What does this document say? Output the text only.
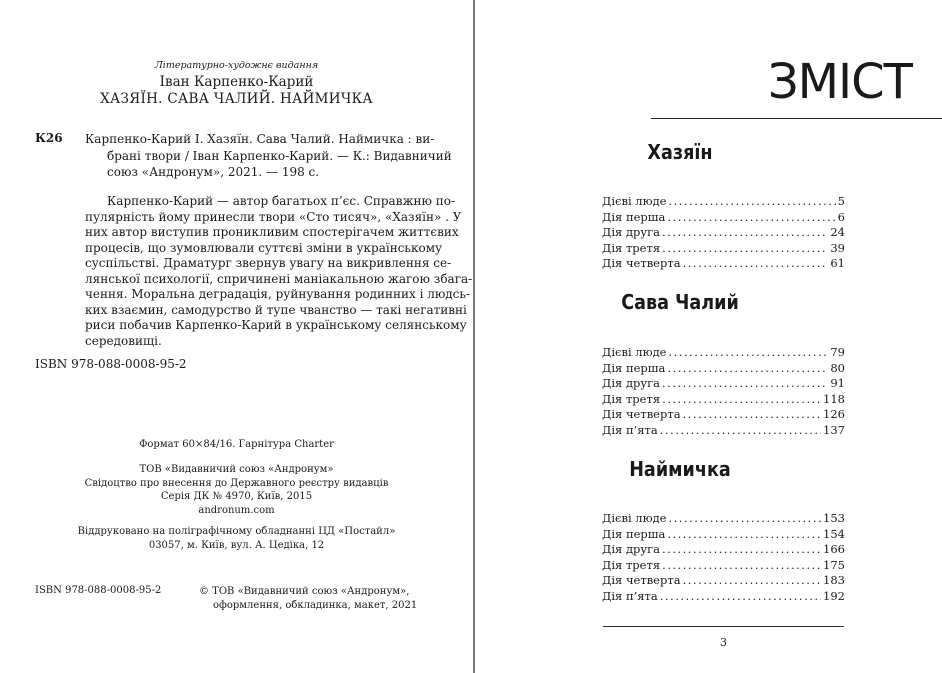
Літературно-художнє видання
Іван Карпенко-Карий
ХАЗЯЇН. САВА ЧАЛИЙ. НАЙМИЧКА
К26 Карпенко-Карий І. Хазяїн. Сава Чалий. Наймичка : ви-
брані твори / Іван Карпенко-Карий. — К.: Видавничий
союз «Андронум», 2021. — 198 с.
Карпенко-Карий — автор багатьох п’єс. Справжню по-
пулярність йому принесли твори «Сто тисяч», «Хазяїн» . У
них автор виступив проникливим спостерігачем життєвих
процесів, що зумовлювали суттєві зміни в українському
суспільстві. Драматург звернув увагу на викривлення се-
лянської психології, спричинені маніакальною жагою збагa-
чення. Моральна деградація, руйнування родинних і людсь-
ких взаємин, самодурство й тупе чванство — такі негативні
риси побачив Карпенко-Карий в українському селянському
середовищі.
ISBN 978-088-0008-95-2
Формат 60×84/16. Гарнітура Charter
ТОВ «Видавничий союз «Андронум»
Свідоцтво про внесення до Державного реєстру видавців
Серія ДК № 4970, Київ, 2015
andronum.com
Віддруковано на поліграфічному обладнанні ЦД «Постайл»
03057, м. Київ, вул. А. Цедіка, 12
ISBN 978-088-0008-95-2	© ТОВ «Видавничий союз «Андронум»,
оформлення, обкладинка, макет, 2021
ЗМІСТ
Хазяїн
Дієві люде .....	5
Дія перша .....	6
Дія друга .....	24
Дія третя .....	39
Дія четверта .....	61
Сава Чалий
Дієві люде .....	79
Дія перша .....	80
Дія друга .....	91
Дія третя .....	118
Дія четверта .....	126
Дія п’ята .....	137
Наймичка
Дієві люде .....	153
Дія перша .....	154
Дія друга .....	166
Дія третя .....	175
Дія четверта .....	183
Дія п’ята .....	192
3
